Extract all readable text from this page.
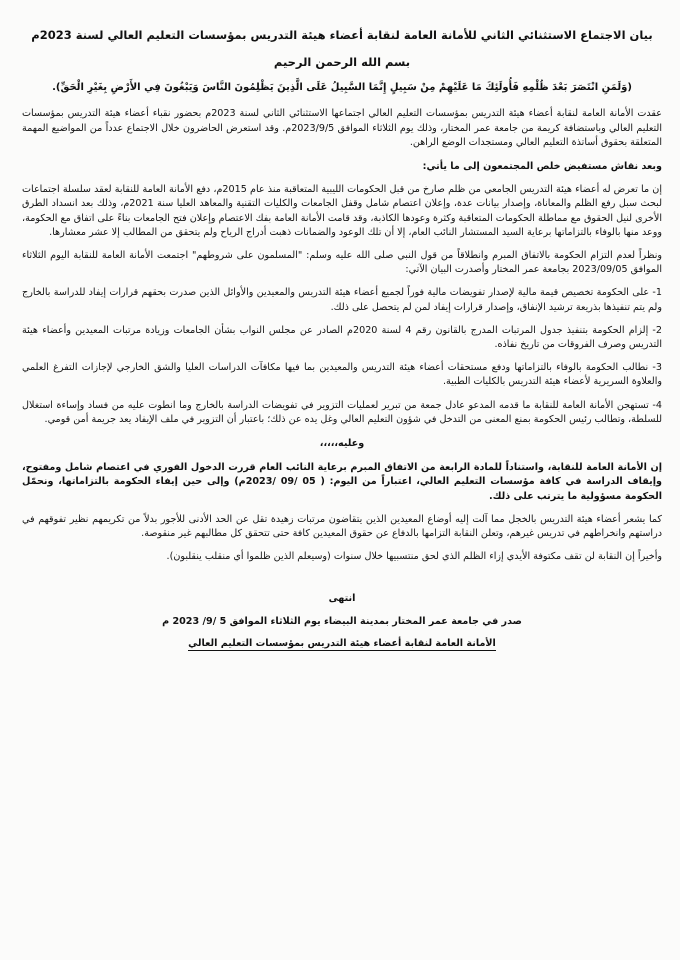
بيان الاجتماع الاستثنائي الثاني للأمانة العامة لنقابة أعضاء هيئة التدريس بمؤسسات التعليم العالي لسنة 2023م
بسم الله الرحمن الرحيم
(وَلَمَنِ انْتَصَرَ بَعْدَ ظُلْمِهِ فَأُولَئِكَ مَا عَلَيْهِمْ مِنْ سَبِيلٍ إِنَّمَا السَّبِيلُ عَلَى الَّذِينَ يَظْلِمُونَ النَّاسَ وَيَبْغُونَ فِي الأَرْضِ بِغَيْرِ الْحَقِّ).

عقدت الأمانة العامة لنقابة أعضاء هيئة التدريس بمؤسسات التعليم العالي اجتماعها الاستثنائي الثاني لسنة 2023م بحضور نقباء أعضاء هيئة التدريس بمؤسسات التعليم العالي وباستضافة كريمة من جامعة عمر المختار، وذلك يوم الثلاثاء الموافق 2023/9/5م. وقد استعرض الحاضرون خلال الاجتماع عدداً من المواضيع المهمة المتعلقة بحقوق أساتذة التعليم العالي ومستجدات الوضع الراهن.

وبعد نقاش مستفيض خلص المجتمعون إلى ما يأتي:

إن ما تعرض له أعضاء هيئة التدريس الجامعي من ظلم صارخ من قبل الحكومات الليبية المتعاقبة منذ عام 2015م، دفع الأمانة العامة للنقابة لعقد سلسلة اجتماعات لبحث سبل رفع الظلم والمعاناة، وإصدار بيانات عدة، وإعلان اعتصام شامل وقفل الجامعات والكليات التقنية والمعاهد العليا سنة 2021م، وذلك بعد انسداد الطرق الأخرى لنيل الحقوق مع مماطلة الحكومات المتعاقبة وكثرة وعودها الكاذبة، وقد قامت الأمانة العامة بفك الاعتصام وإعلان فتح الجامعات بناءً على اتفاق مع الحكومة، ووعد منها بالوفاء بالتزاماتها برعاية السيد المستشار النائب العام، إلا أن تلك الوعود والضمانات ذهبت أدراج الرياح ولم يتحقق من المطالب إلا عشر معشارها.

ونظراً لعدم التزام الحكومة بالاتفاق المبرم وانطلاقاً من قول النبي صلى الله عليه وسلم: "المسلمون على شروطهم" اجتمعت الأمانة العامة للنقابة اليوم الثلاثاء الموافق 2023/09/05 بجامعة عمر المختار وأصدرت البيان الآتي:

1- على الحكومة تخصيص قيمة مالية لإصدار تفويضات مالية فوراً لجميع أعضاء هيئة التدريس والمعيدين والأوائل الذين صدرت بحقهم قرارات إيفاد للدراسة بالخارج ولم يتم تنفيذها بذريعة ترشيد الإنفاق، وإصدار قرارات إيفاد لمن لم يتحصل على ذلك.

2- إلزام الحكومة بتنفيذ جدول المرتبات المدرج بالقانون رقم 4 لسنة 2020م الصادر عن مجلس النواب بشأن الجامعات وزيادة مرتبات المعيدين وأعضاء هيئة التدريس وصرف الفروقات من تاريخ نفاذه.

3- نطالب الحكومة بالوفاء بالتزاماتها ودفع مستحقات أعضاء هيئة التدريس والمعيدين بما فيها مكافآت الدراسات العليا والشق الخارجي لإجازات التفرغ العلمي والعلاوة السريرية لأعضاء هيئة التدريس بالكليات الطبية.

4- تستهجن الأمانة العامة للنقابة ما قدمه المدعو عادل جمعة من تبرير لعمليات التزوير في تفويضات الدراسة بالخارج وما انطوت عليه من فساد وإساءة استغلال للسلطة، وتطالب رئيس الحكومة بمنع المعنى من التدخل في شؤون التعليم العالي وغل يده عن ذلك؛ باعتبار أن التزوير في ملف الإيفاد يعد جريمة أمن قومي.

وعليه،،،،،

إن الأمانة العامة للنقابة، واستناداً للمادة الرابعة من الاتفاق المبرم برعاية النائب العام قررت الدخول الفوري في اعتصام شامل ومفتوح، وإيقاف الدراسة في كافة مؤسسات التعليم العالي، اعتباراً من اليوم: ( 05 /09 /2023م) وإلى حين إيفاء الحكومة بالتزاماتها، ونحمّل الحكومة مسؤولية ما يترتب على ذلك.

كما يشعر أعضاء هيئة التدريس بالخجل مما آلت إليه أوضاع المعيدين الذين يتقاضون مرتبات زهيدة تقل عن الحد الأدنى للأجور بدلاً من تكريمهم نظير تفوقهم في دراستهم وانخراطهم في تدريس غيرهم، وتعلن النقابة التزامها بالدفاع عن حقوق المعيدين كافة حتى تتحقق كل مطالبهم غير منقوصة.

وأخيراً إن النقابة لن تقف مكتوفة الأيدي إزاء الظلم الذي لحق منتسبيها خلال سنوات (وسيعلم الذين ظلموا أي منقلب ينقلبون).

انتهى
صدر في جامعة عمر المختار بمدينة البيضاء يوم الثلاثاء الموافق 5 /9/ 2023 م
الأمانة العامة لنقابة أعضاء هيئة التدريس بمؤسسات التعليم العالي
